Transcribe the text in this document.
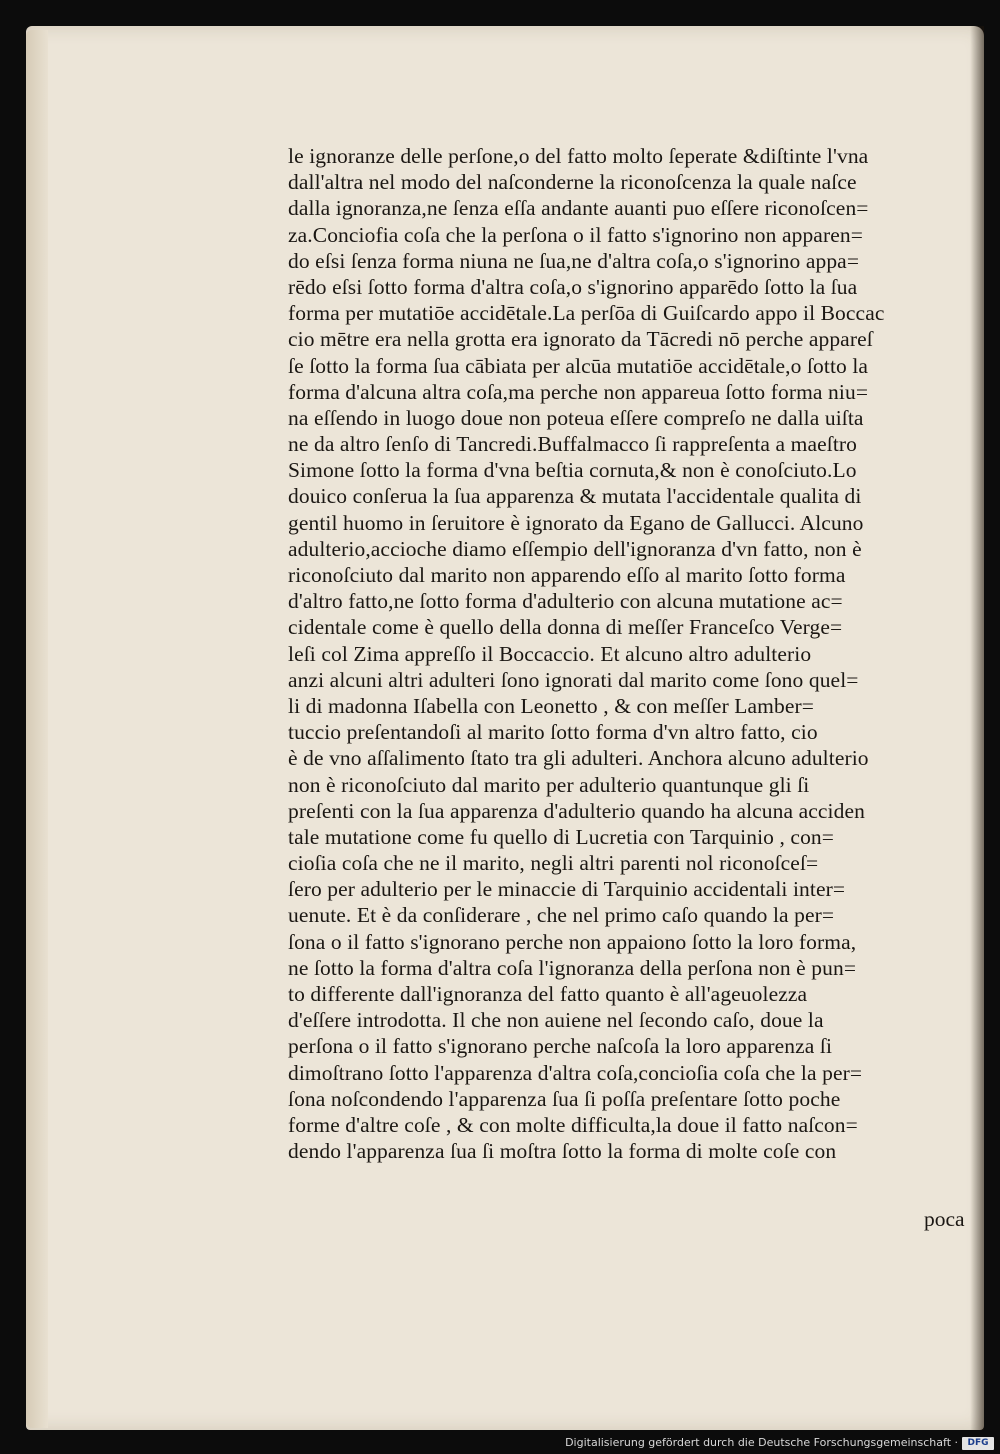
le ignoranze delle perſone,o del fatto molto ſeperate &diſtinte l'vna
dall'altra nel modo del naſconderne la riconoſcenza la quale naſce
dalla ignoranza,ne ſenza eſſa andante auanti puo eſſere riconoſcen=
za.Conciofia coſa che la perſona o il fatto s'ignorino non apparen=
do eſsi ſenza forma niuna ne ſua,ne d'altra coſa,o s'ignorino appa=
rēdo eſsi ſotto forma d'altra coſa,o s'ignorino apparēdo ſotto la ſua
forma per mutatiōe accidētale.La perſōa di Guiſcardo appo il Boccac
cio mētre era nella grotta era ignorato da Tācredi nō perche appareſ
ſe ſotto la forma ſua cābiata per alcūa mutatiōe accidētale,o ſotto la
forma d'alcuna altra coſa,ma perche non appareua ſotto forma niu=
na eſſendo in luogo doue non poteua eſſere compreſo ne dalla uiſta
ne da altro ſenſo di Tancredi.Buffalmacco ſi rappreſenta a maeſtro
Simone ſotto la forma d'vna beſtia cornuta,& non è conoſciuto.Lo
douico conſerua la ſua apparenza & mutata l'accidentale qualita di
gentil huomo in ſeruitore è ignorato da Egano de Gallucci. Alcuno
adulterio,accioche diamo eſſempio dell'ignoranza d'vn fatto, non è
riconoſciuto dal marito non apparendo eſſo al marito ſotto forma
d'altro fatto,ne ſotto forma d'adulterio con alcuna mutatione ac=
cidentale come è quello della donna di meſſer Franceſco Verge=
leſi col Zima appreſſo il Boccaccio. Et alcuno altro adulterio
anzi alcuni altri adulteri ſono ignorati dal marito come ſono quel=
li di madonna Iſabella con Leonetto , & con meſſer Lamber=
tuccio preſentandoſi al marito ſotto forma d'vn altro fatto, cio
è de vno aſſalimento ſtato tra gli adulteri. Anchora alcuno adulterio
non è riconoſciuto dal marito per adulterio quantunque gli ſi
preſenti con la ſua apparenza d'adulterio quando ha alcuna acciden
tale mutatione come fu quello di Lucretia con Tarquinio , con=
cioſia coſa che ne il marito, negli altri parenti nol riconoſceſ=
ſero per adulterio per le minaccie di Tarquinio accidentali inter=
uenute. Et è da conſiderare , che nel primo caſo quando la per=
ſona o il fatto s'ignorano perche non appaiono ſotto la loro forma,
ne ſotto la forma d'altra coſa l'ignoranza della perſona non è pun=
to differente dall'ignoranza del fatto quanto è all'ageuolezza
d'eſſere introdotta. Il che non auiene nel ſecondo caſo, doue la
perſona o il fatto s'ignorano perche naſcoſa la loro apparenza ſi
dimoſtrano ſotto l'apparenza d'altra coſa,concioſia coſa che la per=
ſona noſcondendo l'apparenza ſua ſi poſſa preſentare ſotto poche
forme d'altre coſe , & con molte difficulta,la doue il fatto naſcon=
dendo l'apparenza ſua ſi moſtra ſotto la forma di molte coſe con
poca
Digitalisierung gefördert durch die Deutsche Forschungsgemeinschaft ·	DFG
